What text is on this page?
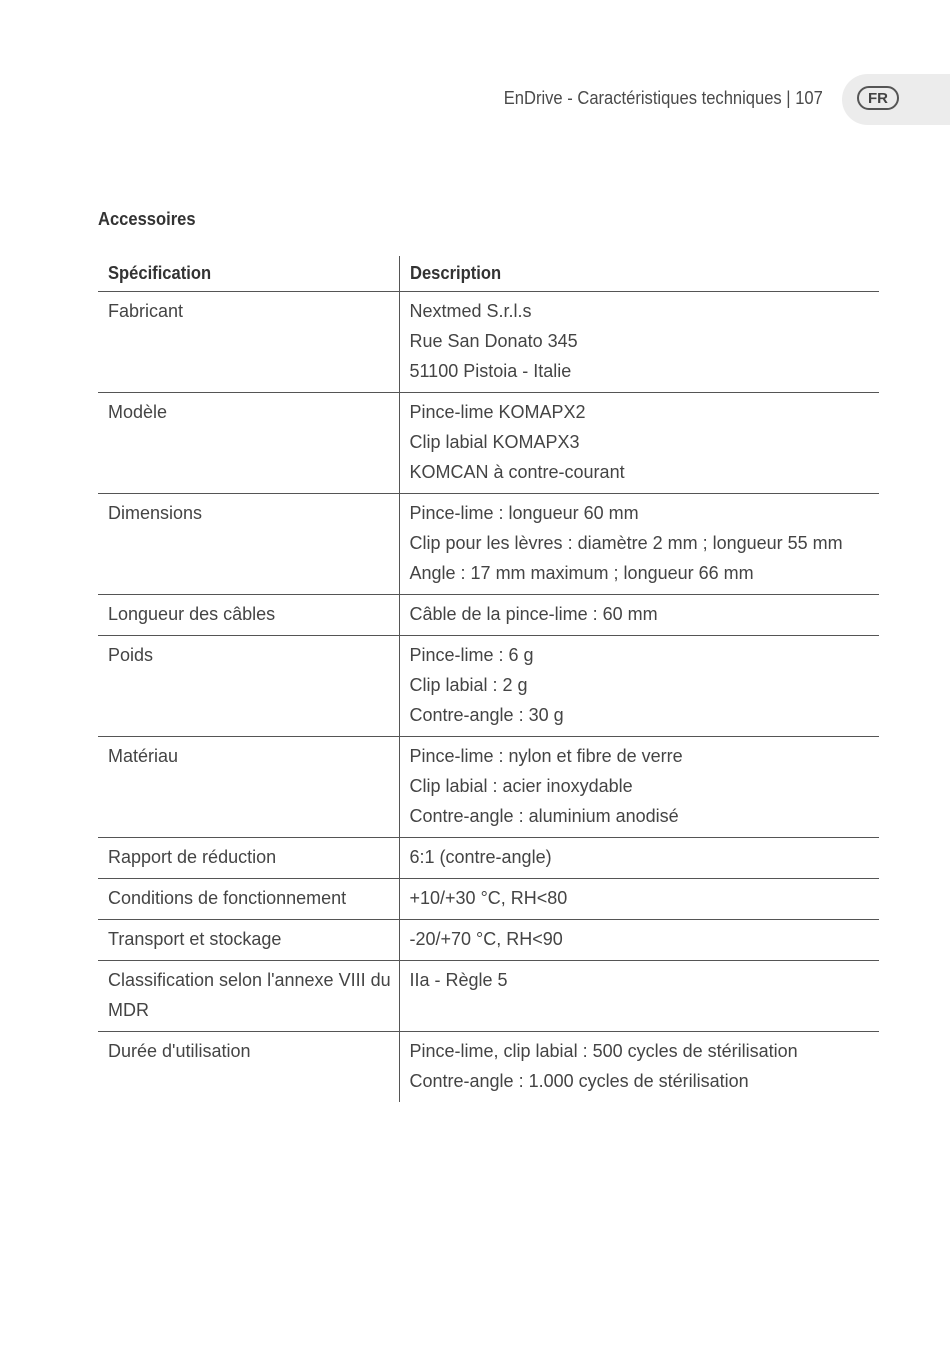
EnDrive - Caractéristiques techniques | 107	FR
Accessoires
Spécification	Description

Fabricant	Nextmed S.r.l.s
Rue San Donato 345
51100 Pistoia - Italie

Modèle	Pince-lime KOMAPX2
Clip labial KOMAPX3
KOMCAN à contre-courant

Dimensions	Pince-lime : longueur 60 mm
Clip pour les lèvres : diamètre 2 mm ; longueur 55 mm
Angle : 17 mm maximum ; longueur 66 mm

Longueur des câbles	Câble de la pince-lime : 60 mm

Poids	Pince-lime : 6 g
Clip labial : 2 g
Contre-angle : 30 g

Matériau	Pince-lime : nylon et fibre de verre
Clip labial : acier inoxydable
Contre-angle : aluminium anodisé

Rapport de réduction	6:1 (contre-angle)

Conditions de fonctionnement	+10/+30 °C, RH<80

Transport et stockage	-20/+70 °C, RH<90

Classification selon l'annexe VIII du MDR	IIa - Règle 5

Durée d'utilisation	Pince-lime, clip labial : 500 cycles de stérilisation
Contre-angle : 1.000 cycles de stérilisation
